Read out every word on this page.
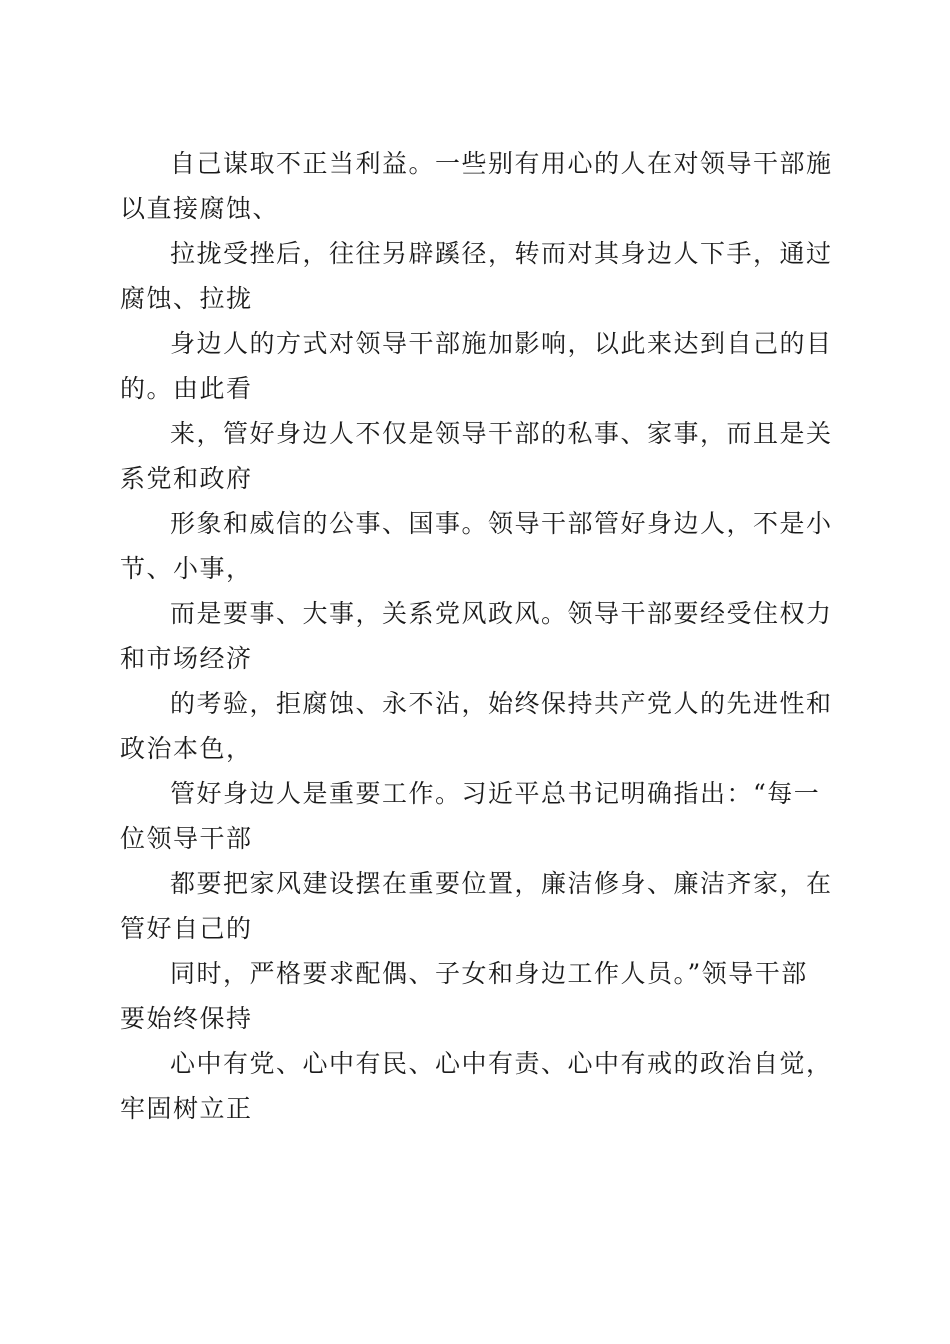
自己谋取不正当利益。一些别有用心的人在对领导干部施
以直接腐蚀、

拉拢受挫后，往往另辟蹊径，转而对其身边人下手，通过
腐蚀、拉拢

身边人的方式对领导干部施加影响，以此来达到自己的目
的。由此看

来，管好身边人不仅是领导干部的私事、家事，而且是关
系党和政府

形象和威信的公事、国事。领导干部管好身边人，不是小
节、小事，

而是要事、大事，关系党风政风。领导干部要经受住权力
和市场经济

的考验，拒腐蚀、永不沾，始终保持共产党人的先进性和
政治本色，

管好身边人是重要工作。习近平总书记明确指出：“每一
位领导干部

都要把家风建设摆在重要位置，廉洁修身、廉洁齐家，在
管好自己的

同时，严格要求配偶、子女和身边工作人员。”领导干部
要始终保持

心中有党、心中有民、心中有责、心中有戒的政治自觉，
牢固树立正
